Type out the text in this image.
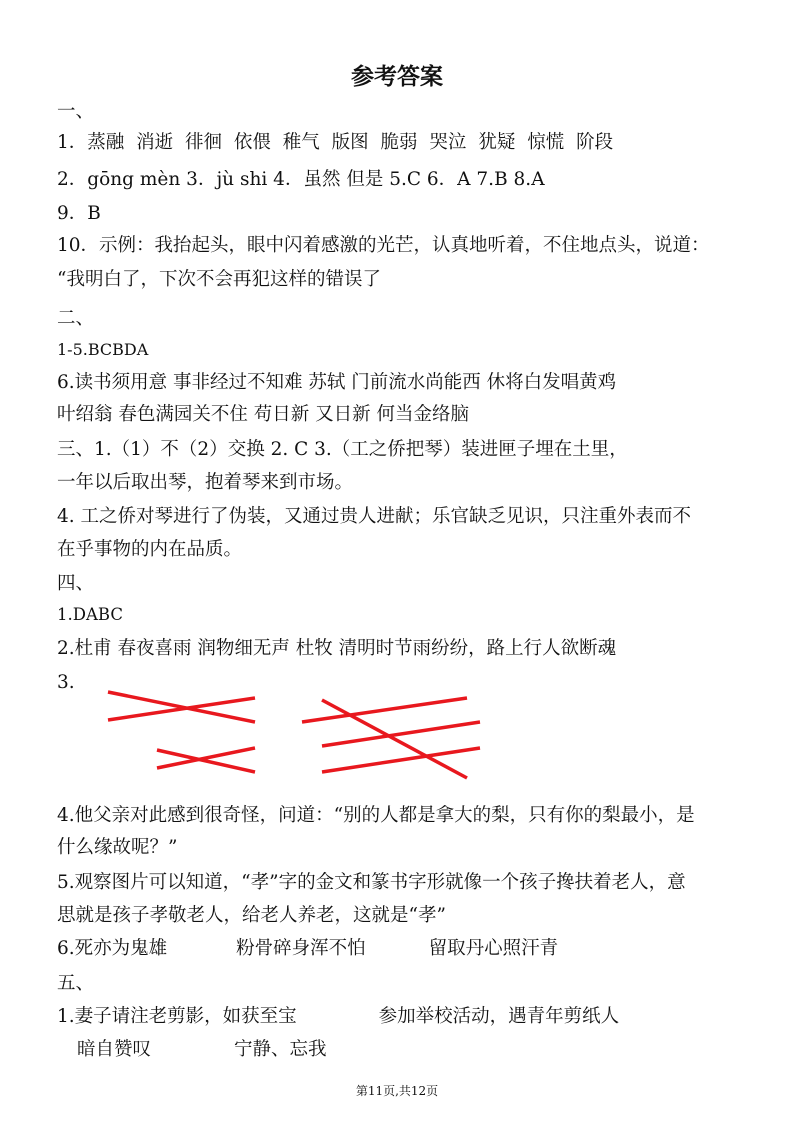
参考答案
一、
1．蒸融 消逝 徘徊 依偎 稚气 版图 脆弱 哭泣 犹疑 惊慌 阶段
2．gōng mèn 3．jù shi 4．虽然 但是 5.C 6．A 7.B 8.A
9．B
10．示例：我抬起头，眼中闪着感激的光芒，认真地听着，不住地点头，说道：
“我明白了，下次不会再犯这样的错误了
二、
1-5.BCBDA
6.读书须用意 事非经过不知难 苏轼 门前流水尚能西 休将白发唱黄鸡
叶绍翁 春色满园关不住 苟日新 又日新 何当金络脑
三、1.（1）不（2）交换 2. C 3.（工之侨把琴）装进匣子埋在土里，
一年以后取出琴，抱着琴来到市场。
4. 工之侨对琴进行了伪装，又通过贵人进献；乐官缺乏见识，只注重外表而不
在乎事物的内在品质。
四、
1.DABC
2.杜甫 春夜喜雨 润物细无声 杜牧 清明时节雨纷纷，路上行人欲断魂
3.
4.他父亲对此感到很奇怪，问道：“别的人都是拿大的梨，只有你的梨最小，是
什么缘故呢？”
5.观察图片可以知道，“孝”字的金文和篆书字形就像一个孩子搀扶着老人，意
思就是孩子孝敬老人，给老人养老，这就是“孝”
6.死亦为鬼雄	粉骨碎身浑不怕	留取丹心照汗青
五、
1.妻子请注老剪影，如获至宝	参加举校活动，遇青年剪纸人
暗自赞叹	宁静、忘我
第11页,共12页
